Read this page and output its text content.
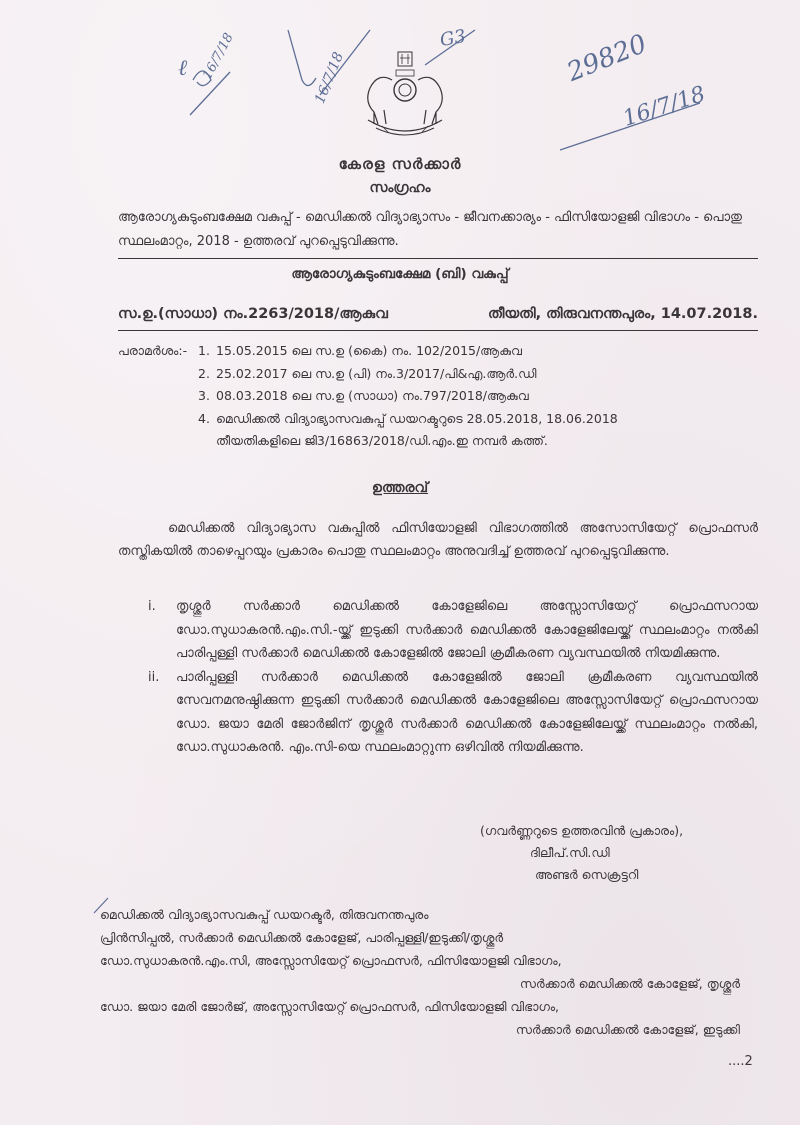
ℓ 16/7/18	16/7/18
G3	29820
16/7/18
കേരള സർക്കാർ
സംഗ്രഹം
ആരോഗ്യകുടുംബക്ഷേമ വകുപ്പ് - മെഡിക്കൽ വിദ്യാഭ്യാസം - ജീവനക്കാര്യം - ഫിസിയോളജി വിഭാഗം - പൊതു സ്ഥലംമാറ്റം, 2018 - ഉത്തരവ് പുറപ്പെടുവിക്കുന്നു.
ആരോഗ്യകുടുംബക്ഷേമ (ബി) വകുപ്പ്
സ.ഉ.(സാധാ) നം.2263/2018/ആകുവ	തീയതി, തിരുവനന്തപുരം, 14.07.2018.
പരാമർശം:- 1. 15.05.2015 ലെ സ.ഉ (കൈ) നം. 102/2015/ആകുവ
2. 25.02.2017 ലെ സ.ഉ (പി) നം.3/2017/പി&എ.ആർ.ഡി
3. 08.03.2018 ലെ സ.ഉ (സാധാ) നം.797/2018/ആകുവ
4. മെഡിക്കൽ വിദ്യാഭ്യാസവകുപ്പ് ഡയറക്ടറുടെ 28.05.2018, 18.06.2018
തീയതികളിലെ ജി3/16863/2018/ഡി.എം.ഇ നമ്പർ കത്ത്.
ഉത്തരവ്
മെഡിക്കൽ വിദ്യാഭ്യാസ വകുപ്പിൽ ഫിസിയോളജി വിഭാഗത്തിൽ അസോസിയേറ്റ് പ്രൊഫസർ തസ്തികയിൽ താഴെപ്പറയും പ്രകാരം പൊതു സ്ഥലംമാറ്റം അനുവദിച്ച് ഉത്തരവ് പുറപ്പെടുവിക്കുന്നു.
i. തൃശ്ശൂർ സർക്കാർ മെഡിക്കൽ കോളേജിലെ അസ്സോസിയേറ്റ് പ്രൊഫസറായ ഡോ.സുധാകരൻ.എം.സി.-യ്ക്ക് ഇടുക്കി സർക്കാർ മെഡിക്കൽ കോളേജിലേയ്ക്ക് സ്ഥലംമാറ്റം നൽകി പാരിപ്പള്ളി സർക്കാർ മെഡിക്കൽ കോളേജിൽ ജോലി ക്രമീകരണ വ്യവസ്ഥയിൽ നിയമിക്കുന്നു.
ii. പാരിപ്പള്ളി സർക്കാർ മെഡിക്കൽ കോളേജിൽ ജോലി ക്രമീകരണ വ്യവസ്ഥയിൽ സേവനമനുഷ്ഠിക്കുന്ന ഇടുക്കി സർക്കാർ മെഡിക്കൽ കോളേജിലെ അസ്സോസിയേറ്റ് പ്രൊഫസറായ ഡോ. ജയാ മേരി ജോർജിന് തൃശ്ശൂർ സർക്കാർ മെഡിക്കൽ കോളേജിലേയ്ക്ക് സ്ഥലംമാറ്റം നൽകി, ഡോ.സുധാകരൻ. എം.സി-യെ സ്ഥലംമാറ്റുന്ന ഒഴിവിൽ നിയമിക്കുന്നു.
(ഗവർണ്ണറുടെ ഉത്തരവിൻ പ്രകാരം),
ദിലീപ്.സി.ഡി
അണ്ടർ സെക്രട്ടറി
മെഡിക്കൽ വിദ്യാഭ്യാസവകുപ്പ് ഡയറക്ടർ, തിരുവനന്തപുരം
പ്രിൻസിപ്പൽ, സർക്കാർ മെഡിക്കൽ കോളേജ്, പാരിപ്പള്ളി/ഇടുക്കി/തൃശ്ശൂർ
ഡോ.സുധാകരൻ.എം.സി, അസ്സോസിയേറ്റ് പ്രൊഫസർ, ഫിസിയോളജി വിഭാഗം,
സർക്കാർ മെഡിക്കൽ കോളേജ്, തൃശ്ശൂർ
ഡോ. ജയാ മേരി ജോർജ്, അസ്സോസിയേറ്റ് പ്രൊഫസർ, ഫിസിയോളജി വിഭാഗം,
സർക്കാർ മെഡിക്കൽ കോളേജ്, ഇടുക്കി
....2
